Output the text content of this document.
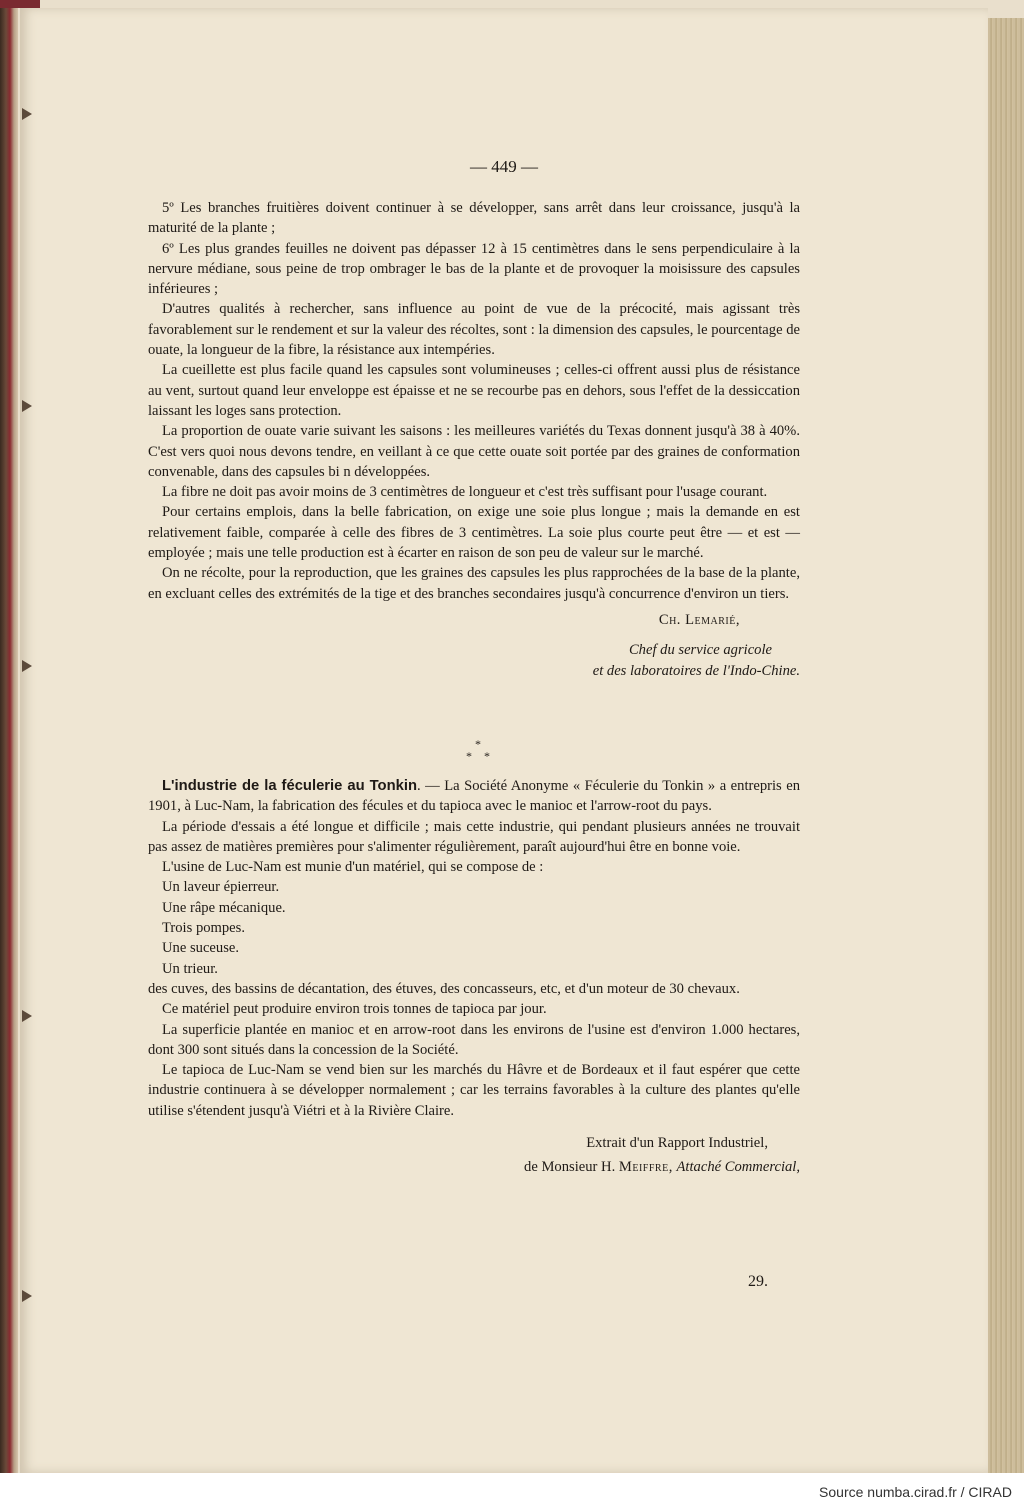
— 449 —

5º Les branches fruitières doivent continuer à se développer, sans arrêt dans leur croissance, jusqu'à la maturité de la plante ;

6º Les plus grandes feuilles ne doivent pas dépasser 12 à 15 centimètres dans le sens perpendiculaire à la nervure médiane, sous peine de trop ombrager le bas de la plante et de provoquer la moisissure des capsules inférieures ;

D'autres qualités à rechercher, sans influence au point de vue de la précocité, mais agissant très favorablement sur le rendement et sur la valeur des récoltes, sont : la dimension des capsules, le pourcentage de ouate, la longueur de la fibre, la résistance aux intempéries.

La cueillette est plus facile quand les capsules sont volumineuses ; celles-ci offrent aussi plus de résistance au vent, surtout quand leur enveloppe est épaisse et ne se recourbe pas en dehors, sous l'effet de la dessiccation laissant les loges sans protection.

La proportion de ouate varie suivant les saisons : les meilleures variétés du Texas donnent jusqu'à 38 à 40%. C'est vers quoi nous devons tendre, en veillant à ce que cette ouate soit portée par des graines de conformation convenable, dans des capsules bi n développées.

La fibre ne doit pas avoir moins de 3 centimètres de longueur et c'est très suffisant pour l'usage courant.

Pour certains emplois, dans la belle fabrication, on exige une soie plus longue ; mais la demande en est relativement faible, comparée à celle des fibres de 3 centimètres. La soie plus courte peut être — et est — employée ; mais une telle production est à écarter en raison de son peu de valeur sur le marché.

On ne récolte, pour la reproduction, que les graines des capsules les plus rapprochées de la base de la plante, en excluant celles des extrémités de la tige et des branches secondaires jusqu'à concurrence d'environ un tiers.

Ch. Lemarié,

Chef du service agricole

et des laboratoires de l'Indo-Chine.

*
*    *

L'industrie de la féculerie au Tonkin. — La Société Anonyme « Féculerie du Tonkin » a entrepris en 1901, à Luc-Nam, la fabrication des fécules et du tapioca avec le manioc et l'arrow-root du pays.

La période d'essais a été longue et difficile ; mais cette industrie, qui pendant plusieurs années ne trouvait pas assez de matières premières pour s'alimenter régulièrement, paraît aujourd'hui être en bonne voie.

L'usine de Luc-Nam est munie d'un matériel, qui se compose de :

Un laveur épierreur.

Une râpe mécanique.

Trois pompes.

Une suceuse.

Un trieur.

des cuves, des bassins de décantation, des étuves, des concasseurs, etc, et d'un moteur de 30 chevaux.

Ce matériel peut produire environ trois tonnes de tapioca par jour.

La superficie plantée en manioc et en arrow-root dans les environs de l'usine est d'environ 1.000 hectares, dont 300 sont situés dans la concession de la Société.

Le tapioca de Luc-Nam se vend bien sur les marchés du Hâvre et de Bordeaux et il faut espérer que cette industrie continuera à se développer normalement ; car les terrains favorables à la culture des plantes qu'elle utilise s'étendent jusqu'à Viétri et à la Rivière Claire.

Extrait d'un Rapport Industriel,

de Monsieur H. Meiffre, Attaché Commercial,

29.
Source numba.cirad.fr / CIRAD
